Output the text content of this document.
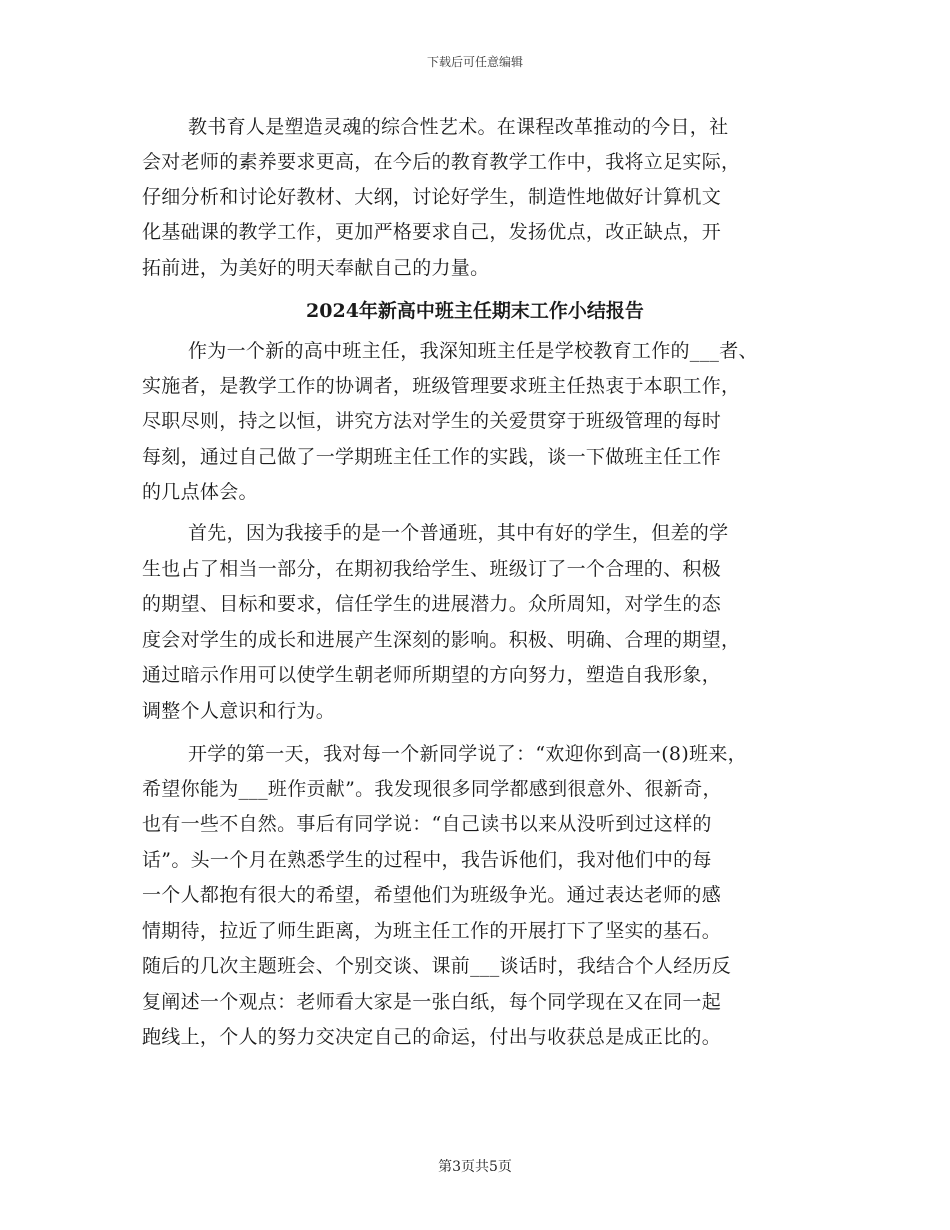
下载后可任意编辑
教书育人是塑造灵魂的综合性艺术。在课程改革推动的今日，社
会对老师的素养要求更高，在今后的教育教学工作中，我将立足实际，
仔细分析和讨论好教材、大纲，讨论好学生，制造性地做好计算机文
化基础课的教学工作，更加严格要求自己，发扬优点，改正缺点，开
拓前进，为美好的明天奉献自己的力量。
2024年新高中班主任期末工作小结报告
作为一个新的高中班主任，我深知班主任是学校教育工作的___者、
实施者，是教学工作的协调者，班级管理要求班主任热衷于本职工作，
尽职尽则，持之以恒，讲究方法对学生的关爱贯穿于班级管理的每时
每刻，通过自己做了一学期班主任工作的实践，谈一下做班主任工作
的几点体会。
首先，因为我接手的是一个普通班，其中有好的学生，但差的学
生也占了相当一部分，在期初我给学生、班级订了一个合理的、积极
的期望、目标和要求，信任学生的进展潜力。众所周知，对学生的态
度会对学生的成长和进展产生深刻的影响。积极、明确、合理的期望，
通过暗示作用可以使学生朝老师所期望的方向努力，塑造自我形象，
调整个人意识和行为。
开学的第一天，我对每一个新同学说了：“欢迎你到高一(8)班来，
希望你能为___班作贡献”。我发现很多同学都感到很意外、很新奇，
也有一些不自然。事后有同学说：“自己读书以来从没听到过这样的
话”。头一个月在熟悉学生的过程中，我告诉他们，我对他们中的每
一个人都抱有很大的希望，希望他们为班级争光。通过表达老师的感
情期待，拉近了师生距离，为班主任工作的开展打下了坚实的基石。
随后的几次主题班会、个别交谈、课前___谈话时，我结合个人经历反
复阐述一个观点：老师看大家是一张白纸，每个同学现在又在同一起
跑线上，个人的努力交决定自己的命运，付出与收获总是成正比的。
第3页共5页
